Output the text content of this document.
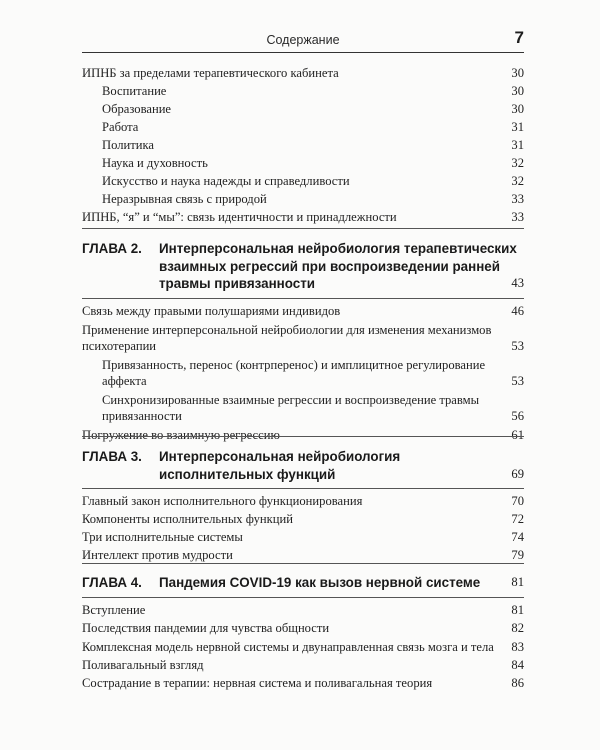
Содержание	7
ИПНБ за пределами терапевтического кабинета	30
Воспитание	30
Образование	30
Работа	31
Политика	31
Наука и духовность	32
Искусство и наука надежды и справедливости	32
Неразрывная связь с природой	33
ИПНБ, “я” и “мы”: связь идентичности и принадлежности	33
ГЛАВА 2. Интерперсональная нейробиология терапевтических
взаимных регрессий при воспроизведении ранней
травмы привязанности	43
Связь между правыми полушариями индивидов	46
Применение интерперсональной нейробиологии для изменения механизмов психотерапии	53
Привязанность, перенос (контрперенос) и имплицитное регулирование аффекта	53
Синхронизированные взаимные регрессии и воспроизведение травмы привязанности	56
Погружение во взаимную регрессию	61
ГЛАВА 3. Интерперсональная нейробиология
исполнительных функций	69
Главный закон исполнительного функционирования	70
Компоненты исполнительных функций	72
Три исполнительные системы	74
Интеллект против мудрости	79
ГЛАВА 4. Пандемия COVID-19 как вызов нервной системе	81
Вступление	81
Последствия пандемии для чувства общности	82
Комплексная модель нервной системы и двунаправленная связь мозга и тела	83
Поливагальный взгляд	84
Сострадание в терапии: нервная система и поливагальная теория	86
